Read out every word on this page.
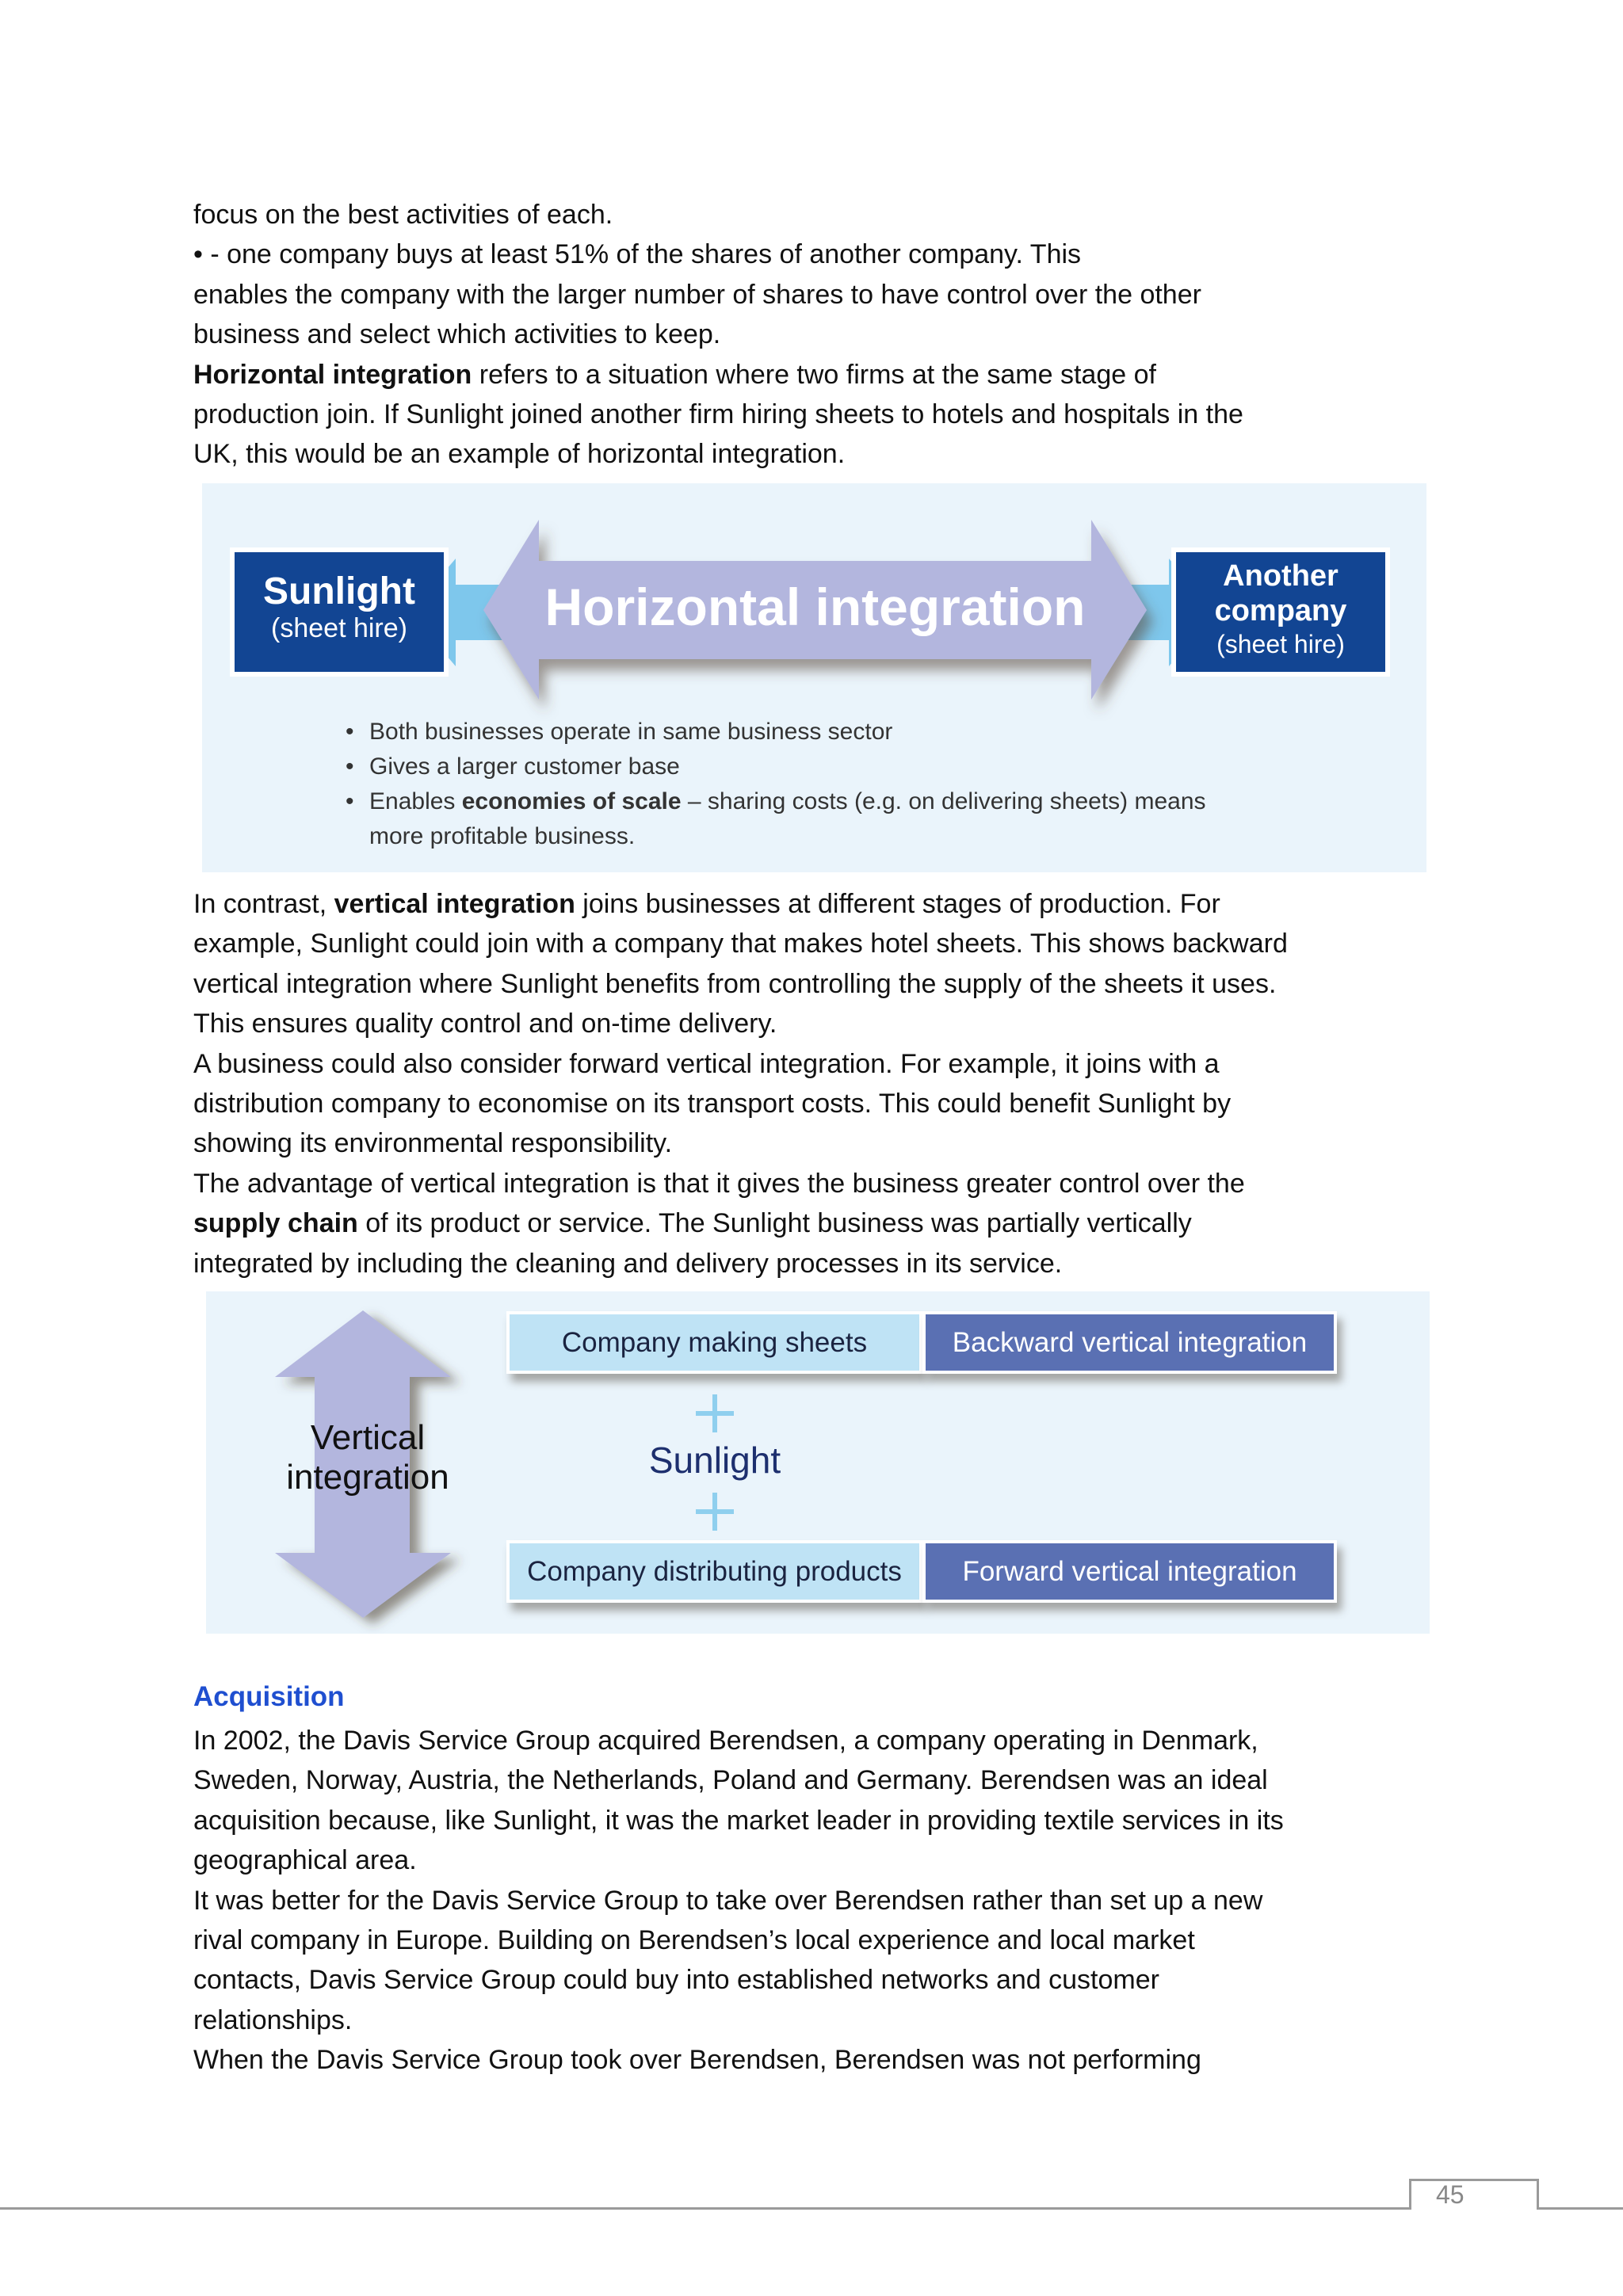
focus on the best activities of each.
• - one company buys at least 51% of the shares of another company. This
enables the company with the larger number of shares to have control over the other
business and select which activities to keep.
Horizontal integration refers to a situation where two firms at the same stage of
production join. If Sunlight joined another firm hiring sheets to hotels and hospitals in the
UK, this would be an example of horizontal integration.
Horizontal integration
Sunlight
(sheet hire)
Another
company
(sheet hire)
• Both businesses operate in same business sector
• Gives a larger customer base
• Enables economies of scale – sharing costs (e.g. on delivering sheets) means
more profitable business.
In contrast, vertical integration joins businesses at different stages of production. For
example, Sunlight could join with a company that makes hotel sheets. This shows backward
vertical integration where Sunlight benefits from controlling the supply of the sheets it uses.
This ensures quality control and on-time delivery.
A business could also consider forward vertical integration. For example, it joins with a
distribution company to economise on its transport costs. This could benefit Sunlight by
showing its environmental responsibility.
The advantage of vertical integration is that it gives the business greater control over the
supply chain of its product or service. The Sunlight business was partially vertically
integrated by including the cleaning and delivery processes in its service.
Vertical
integration
Company making sheets	Backward vertical integration
Sunlight
Company distributing products	Forward vertical integration
Acquisition
In 2002, the Davis Service Group acquired Berendsen, a company operating in Denmark,
Sweden, Norway, Austria, the Netherlands, Poland and Germany. Berendsen was an ideal
acquisition because, like Sunlight, it was the market leader in providing textile services in its
geographical area.
It was better for the Davis Service Group to take over Berendsen rather than set up a new
rival company in Europe. Building on Berendsen’s local experience and local market
contacts, Davis Service Group could buy into established networks and customer
relationships.
When the Davis Service Group took over Berendsen, Berendsen was not performing
45
